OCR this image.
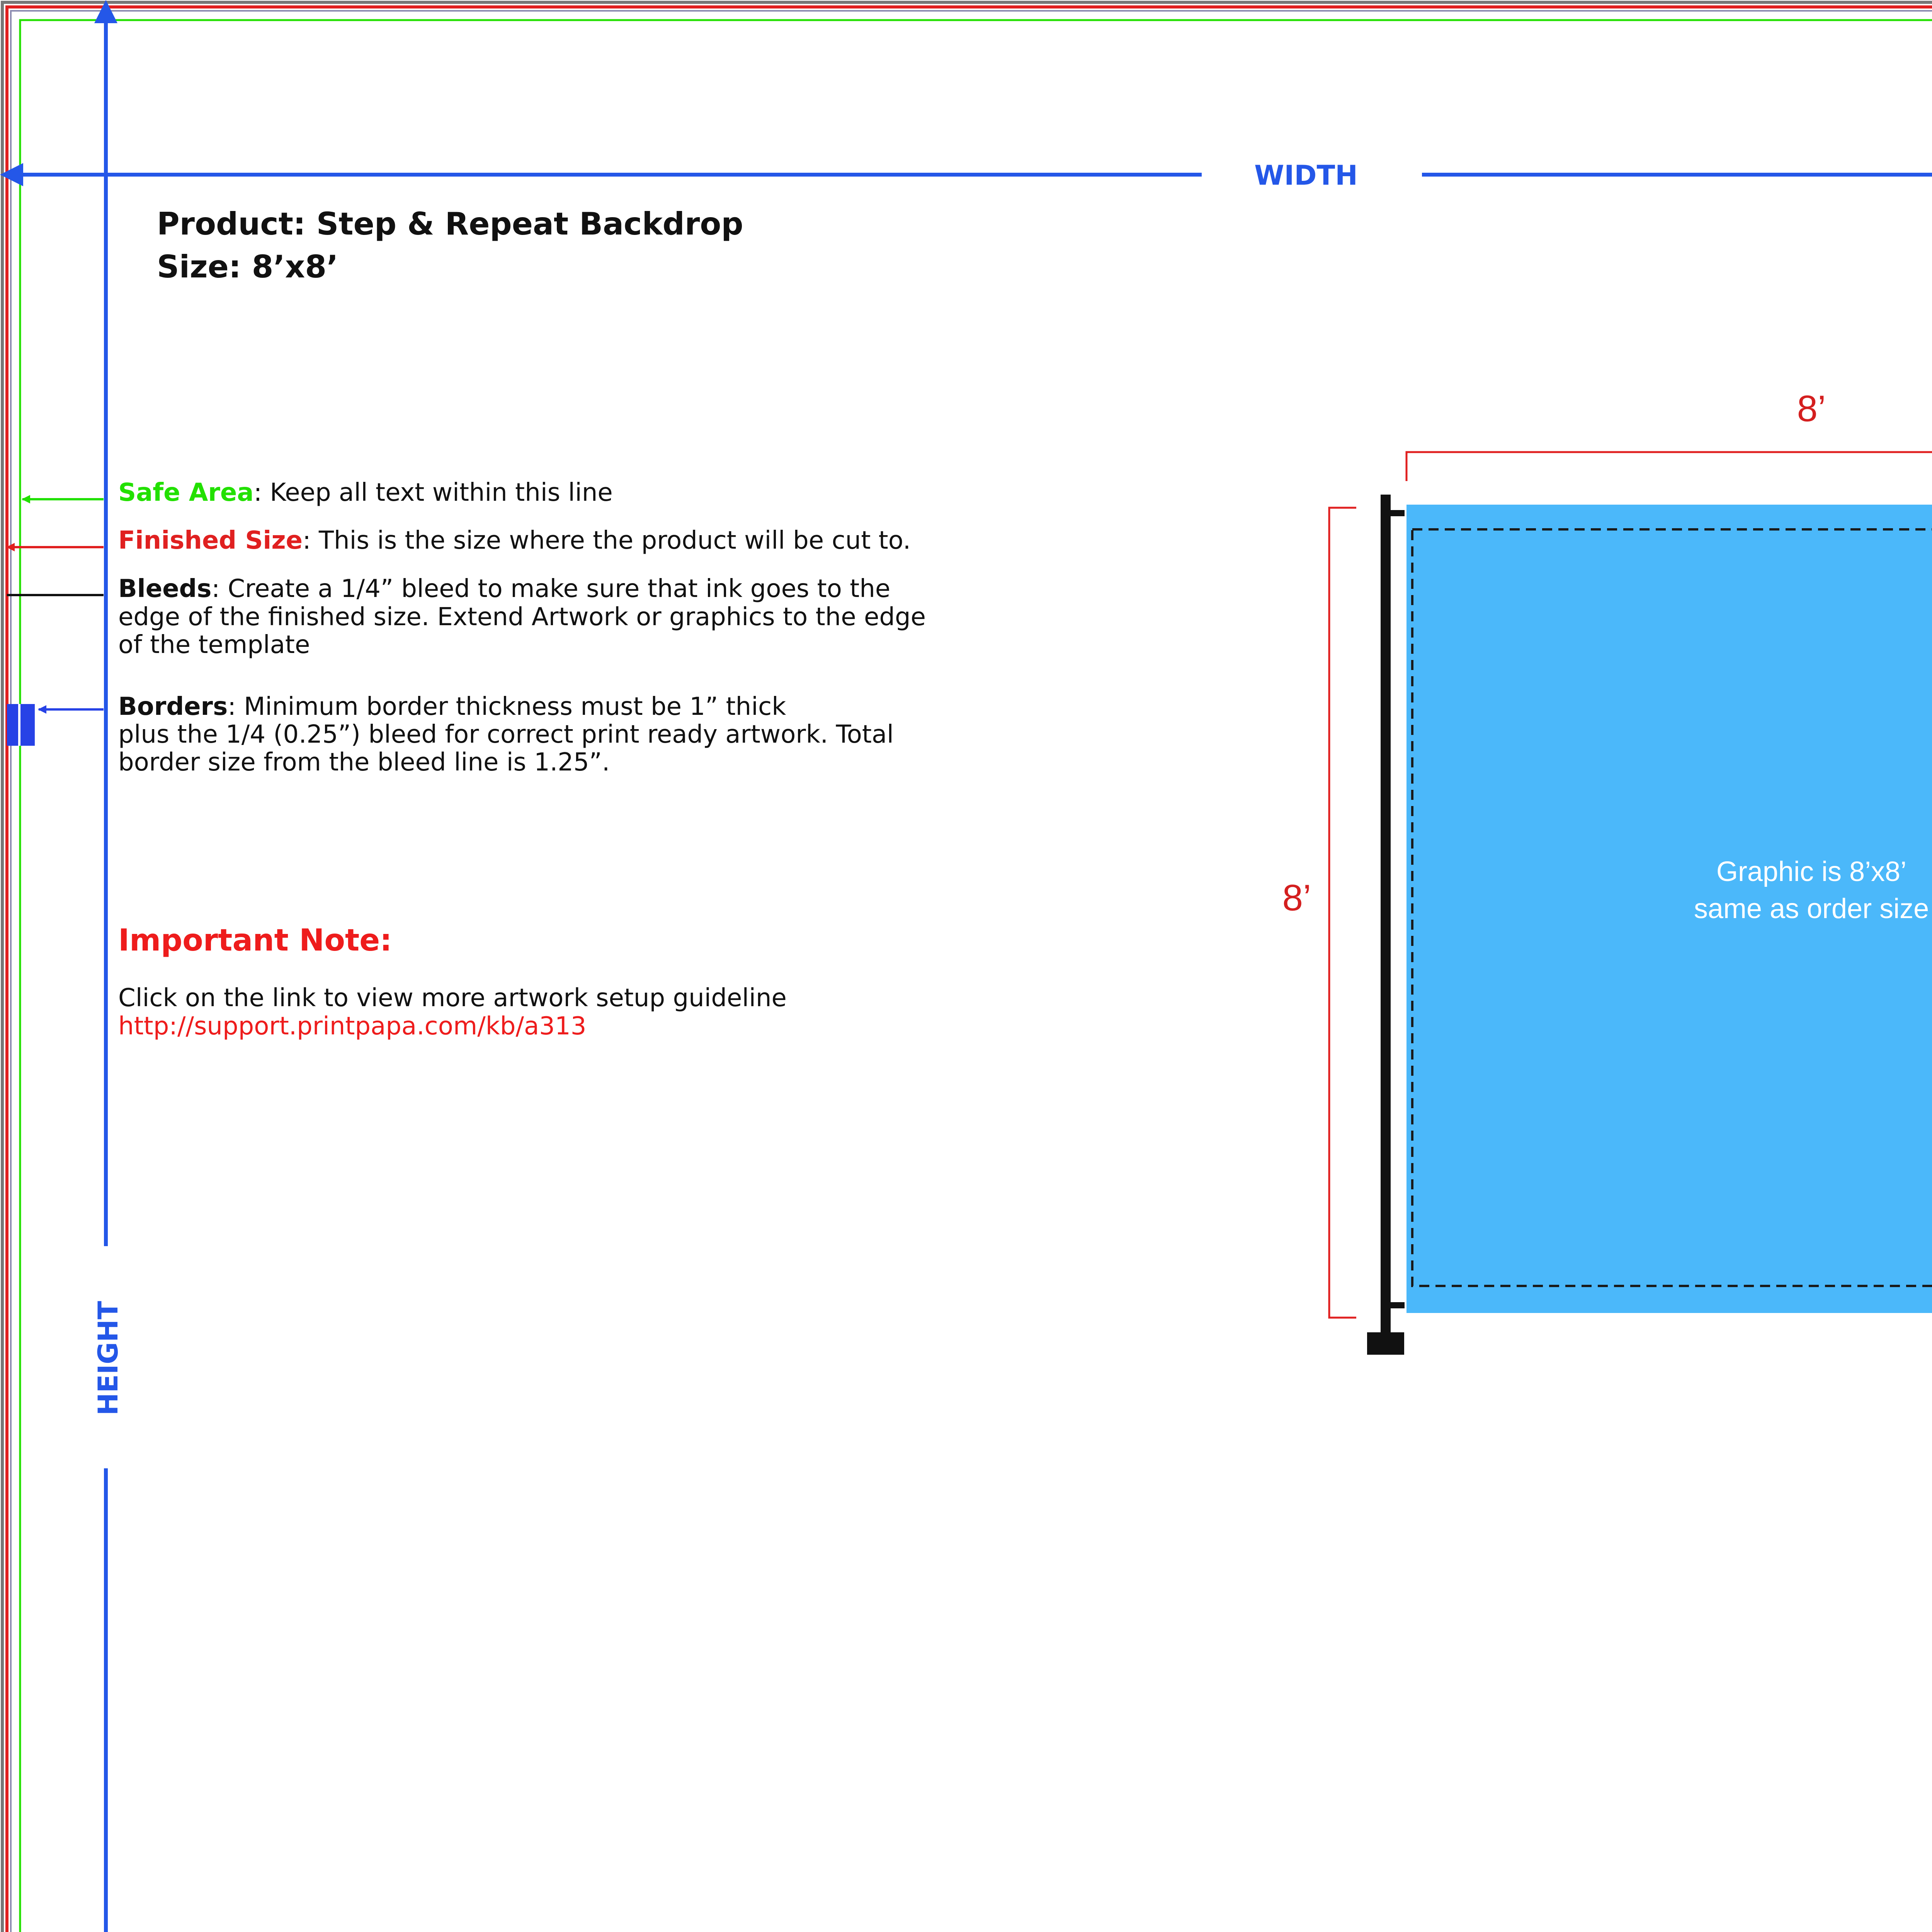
WIDTH
HEIGHT
Product: Step & Repeat Backdrop
Size: 8’x8’
Safe Area: Keep all text within this line
Finished Size: This is the size where the product will be cut to.
Bleeds: Create a 1/4” bleed to make sure that ink goes to the
edge of the finished size. Extend Artwork or graphics to the edge
of the template
Borders: Minimum border thickness must be 1” thick
plus the 1/4 (0.25”) bleed for correct print ready artwork. Total
border size from the bleed line is 1.25”.
Important Note:
Click on the link to view more artwork setup guideline
http://support.printpapa.com/kb/a313
8’
8’
Graphic is 8’x8’
same as order size
